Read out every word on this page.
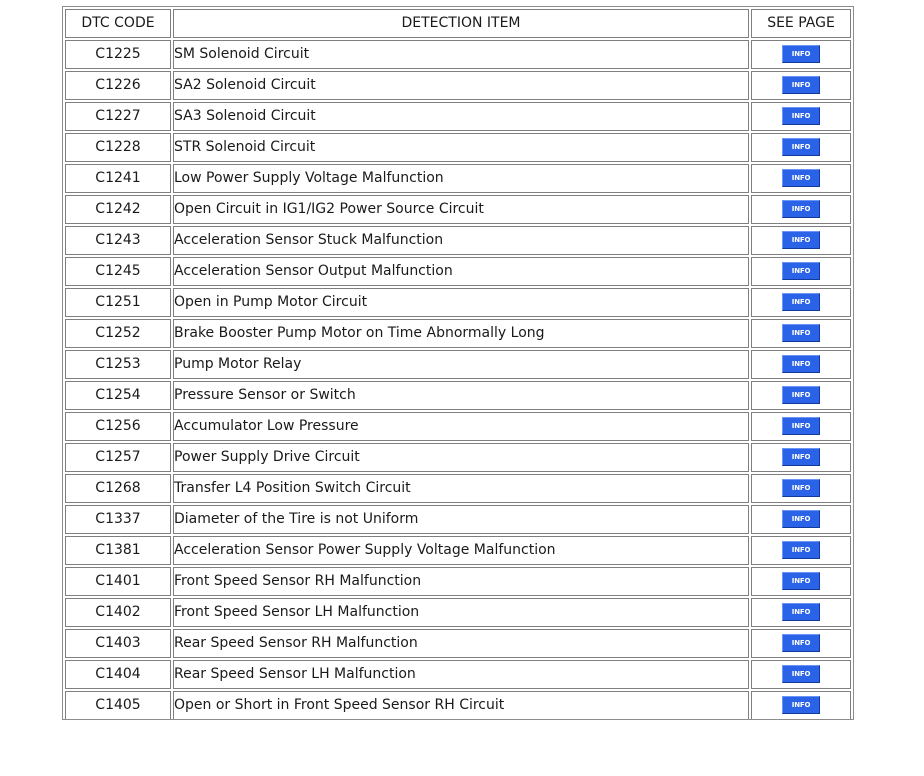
DTC CODE	DETECTION ITEM	SEE PAGE
C1225	SM Solenoid Circuit	INFO
C1226	SA2 Solenoid Circuit	INFO
C1227	SA3 Solenoid Circuit	INFO
C1228	STR Solenoid Circuit	INFO
C1241	Low Power Supply Voltage Malfunction	INFO
C1242	Open Circuit in IG1/IG2 Power Source Circuit	INFO
C1243	Acceleration Sensor Stuck Malfunction	INFO
C1245	Acceleration Sensor Output Malfunction	INFO
C1251	Open in Pump Motor Circuit	INFO
C1252	Brake Booster Pump Motor on Time Abnormally Long	INFO
C1253	Pump Motor Relay	INFO
C1254	Pressure Sensor or Switch	INFO
C1256	Accumulator Low Pressure	INFO
C1257	Power Supply Drive Circuit	INFO
C1268	Transfer L4 Position Switch Circuit	INFO
C1337	Diameter of the Tire is not Uniform	INFO
C1381	Acceleration Sensor Power Supply Voltage Malfunction	INFO
C1401	Front Speed Sensor RH Malfunction	INFO
C1402	Front Speed Sensor LH Malfunction	INFO
C1403	Rear Speed Sensor RH Malfunction	INFO
C1404	Rear Speed Sensor LH Malfunction	INFO
C1405	Open or Short in Front Speed Sensor RH Circuit	INFO
